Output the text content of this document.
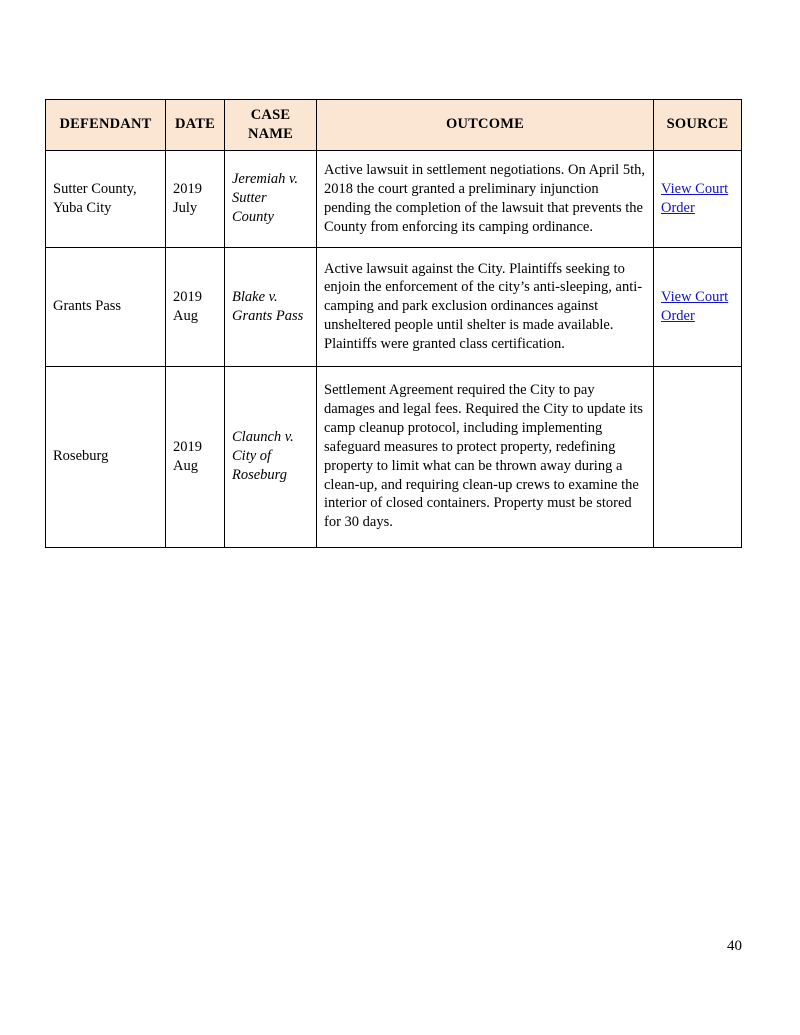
DEFENDANT	DATE	CASE NAME	OUTCOME	SOURCE
Sutter County, Yuba City	2019 July	Jeremiah v. Sutter County	Active lawsuit in settlement negotiations. On April 5th, 2018 the court granted a preliminary injunction pending the completion of the lawsuit that prevents the County from enforcing its camping ordinance.	View Court Order
Grants Pass	2019 Aug	Blake v. Grants Pass	Active lawsuit against the City. Plaintiffs seeking to enjoin the enforcement of the city’s anti-sleeping, anti-camping and park exclusion ordinances against unsheltered people until shelter is made available. Plaintiffs were granted class certification.	View Court Order
Roseburg	2019 Aug	Claunch v. City of Roseburg	Settlement Agreement required the City to pay damages and legal fees. Required the City to update its camp cleanup protocol, including implementing safeguard measures to protect property, redefining property to limit what can be thrown away during a clean-up, and requiring clean-up crews to examine the interior of closed containers. Property must be stored for 30 days.	
40
